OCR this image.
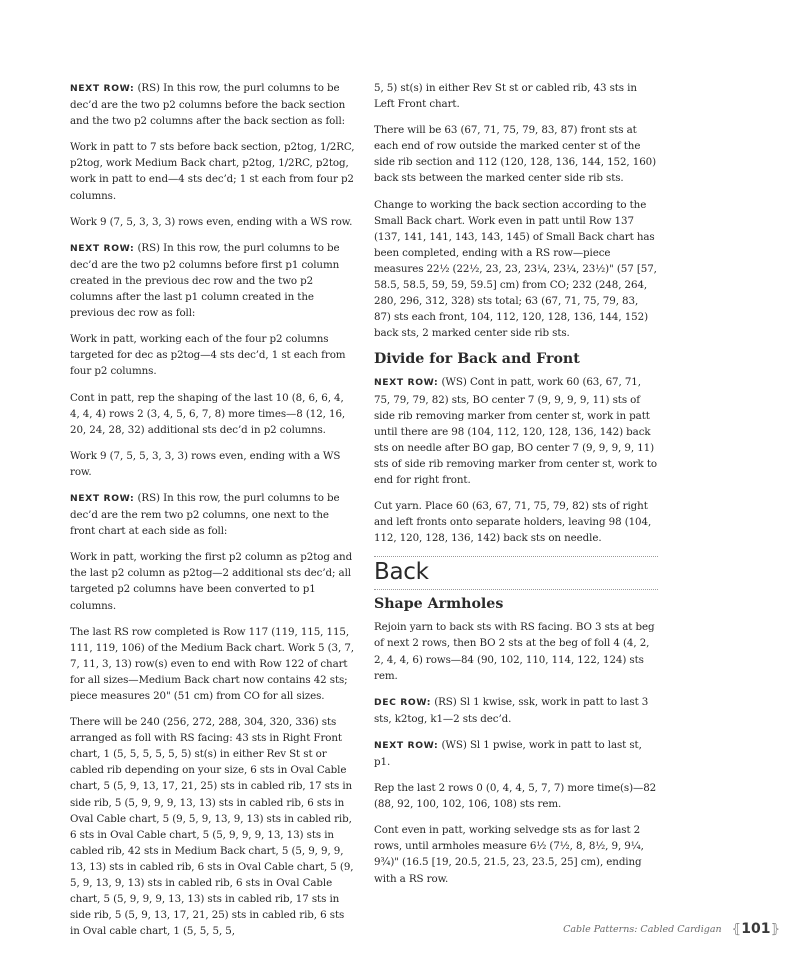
NEXT ROW: (RS) In this row, the purl columns to be dec’d are the two p2 columns before the back section and the two p2 columns after the back section as foll:

Work in patt to 7 sts before back section, p2tog, 1/2RC, p2tog, work Medium Back chart, p2tog, 1/2RC, p2tog, work in patt to end—4 sts dec’d; 1 st each from four p2 columns.

Work 9 (7, 5, 3, 3, 3) rows even, ending with a WS row.

NEXT ROW: (RS) In this row, the purl columns to be dec’d are the two p2 columns before first p1 column created in the previous dec row and the two p2 columns after the last p1 column created in the previous dec row as foll:

Work in patt, working each of the four p2 columns targeted for dec as p2tog—4 sts dec’d, 1 st each from four p2 columns.

Cont in patt, rep the shaping of the last 10 (8, 6, 6, 4, 4, 4, 4) rows 2 (3, 4, 5, 6, 7, 8) more times—8 (12, 16, 20, 24, 28, 32) additional sts dec’d in p2 columns.

Work 9 (7, 5, 5, 3, 3, 3) rows even, ending with a WS row.

NEXT ROW: (RS) In this row, the purl columns to be dec’d are the rem two p2 columns, one next to the front chart at each side as foll:

Work in patt, working the first p2 column as p2tog and the last p2 column as p2tog—2 additional sts dec’d; all targeted p2 columns have been converted to p1 columns.

The last RS row completed is Row 117 (119, 115, 115, 111, 119, 106) of the Medium Back chart. Work 5 (3, 7, 7, 11, 3, 13) row(s) even to end with Row 122 of chart for all sizes—Medium Back chart now contains 42 sts; piece measures 20" (51 cm) from CO for all sizes.

There will be 240 (256, 272, 288, 304, 320, 336) sts arranged as foll with RS facing: 43 sts in Right Front chart, 1 (5, 5, 5, 5, 5, 5) st(s) in either Rev St st or cabled rib depending on your size, 6 sts in Oval Cable chart, 5 (5, 9, 13, 17, 21, 25) sts in cabled rib, 17 sts in side rib, 5 (5, 9, 9, 9, 13, 13) sts in cabled rib, 6 sts in Oval Cable chart, 5 (9, 5, 9, 13, 9, 13) sts in cabled rib, 6 sts in Oval Cable chart, 5 (5, 9, 9, 9, 13, 13) sts in cabled rib, 42 sts in Medium Back chart, 5 (5, 9, 9, 9, 13, 13) sts in cabled rib, 6 sts in Oval Cable chart, 5 (9, 5, 9, 13, 9, 13) sts in cabled rib, 6 sts in Oval Cable chart, 5 (5, 9, 9, 9, 13, 13) sts in cabled rib, 17 sts in side rib, 5 (5, 9, 13, 17, 21, 25) sts in cabled rib, 6 sts in Oval cable chart, 1 (5, 5, 5, 5,

5, 5) st(s) in either Rev St st or cabled rib, 43 sts in Left Front chart.

There will be 63 (67, 71, 75, 79, 83, 87) front sts at each end of row outside the marked center st of the side rib section and 112 (120, 128, 136, 144, 152, 160) back sts between the marked center side rib sts.

Change to working the back section according to the Small Back chart. Work even in patt until Row 137 (137, 141, 141, 143, 143, 145) of Small Back chart has been completed, ending with a RS row—piece measures 22½ (22½, 23, 23, 23¼, 23¼, 23½)" (57 [57, 58.5, 58.5, 59, 59, 59.5] cm) from CO; 232 (248, 264, 280, 296, 312, 328) sts total; 63 (67, 71, 75, 79, 83, 87) sts each front, 104, 112, 120, 128, 136, 144, 152) back sts, 2 marked center side rib sts.

Divide for Back and Front

NEXT ROW: (WS) Cont in patt, work 60 (63, 67, 71, 75, 79, 79, 82) sts, BO center 7 (9, 9, 9, 9, 11) sts of side rib removing marker from center st, work in patt until there are 98 (104, 112, 120, 128, 136, 142) back sts on needle after BO gap, BO center 7 (9, 9, 9, 9, 11) sts of side rib removing marker from center st, work to end for right front.

Cut yarn. Place 60 (63, 67, 71, 75, 79, 82) sts of right and left fronts onto separate holders, leaving 98 (104, 112, 120, 128, 136, 142) back sts on needle.

Back
Shape Armholes

Rejoin yarn to back sts with RS facing. BO 3 sts at beg of next 2 rows, then BO 2 sts at the beg of foll 4 (4, 2, 2, 4, 4, 6) rows—84 (90, 102, 110, 114, 122, 124) sts rem.

DEC ROW: (RS) Sl 1 kwise, ssk, work in patt to last 3 sts, k2tog, k1—2 sts dec’d.

NEXT ROW: (WS) Sl 1 pwise, work in patt to last st, p1.

Rep the last 2 rows 0 (0, 4, 4, 5, 7, 7) more time(s)—82 (88, 92, 100, 102, 106, 108) sts rem.

Cont even in patt, working selvedge sts as for last 2 rows, until armholes measure 6½ (7½, 8, 8½, 9, 9¼, 9¾)" (16.5 [19, 20.5, 21.5, 23, 23.5, 25] cm), ending with a RS row.

Cable Patterns: Cabled Cardigan ⦃ 101 ⦄
